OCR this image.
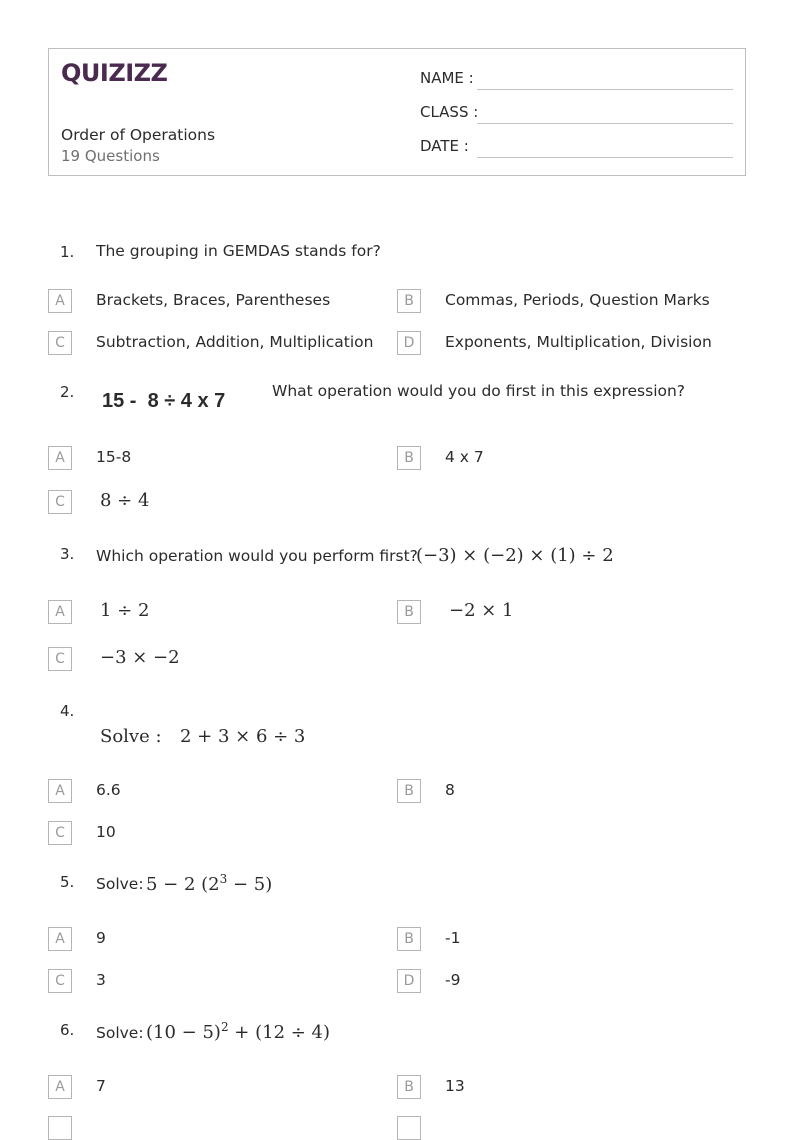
QUIZIZZ
Order of Operations
19 Questions
NAME :
CLASS :
DATE :
1. The grouping in GEMDAS stands for?
A	Brackets, Braces, Parentheses	B	Commas, Periods, Question Marks
C	Subtraction, Addition, Multiplication	D	Exponents, Multiplication, Division
2. 15 -  8 ÷ 4 x 7	What operation would you do first in this expression?
A	15-8	B	4 x 7
C	8 ÷ 4
3. Which operation would you perform first?
(−3) × (−2) × (1) ÷ 2
A	1 ÷ 2	B	−2 × 1
C	−3 × −2
4.
Solve : 2 + 3 × 6 ÷ 3
A	6.6	B	8
C	10
5. Solve: 5 − 2 $(2^3 - 5)$
A	9	B	-1
C	3	D	-9
6. Solve: $(10 - 5)^2 + (12 \div 4)$
A	7	B	13
